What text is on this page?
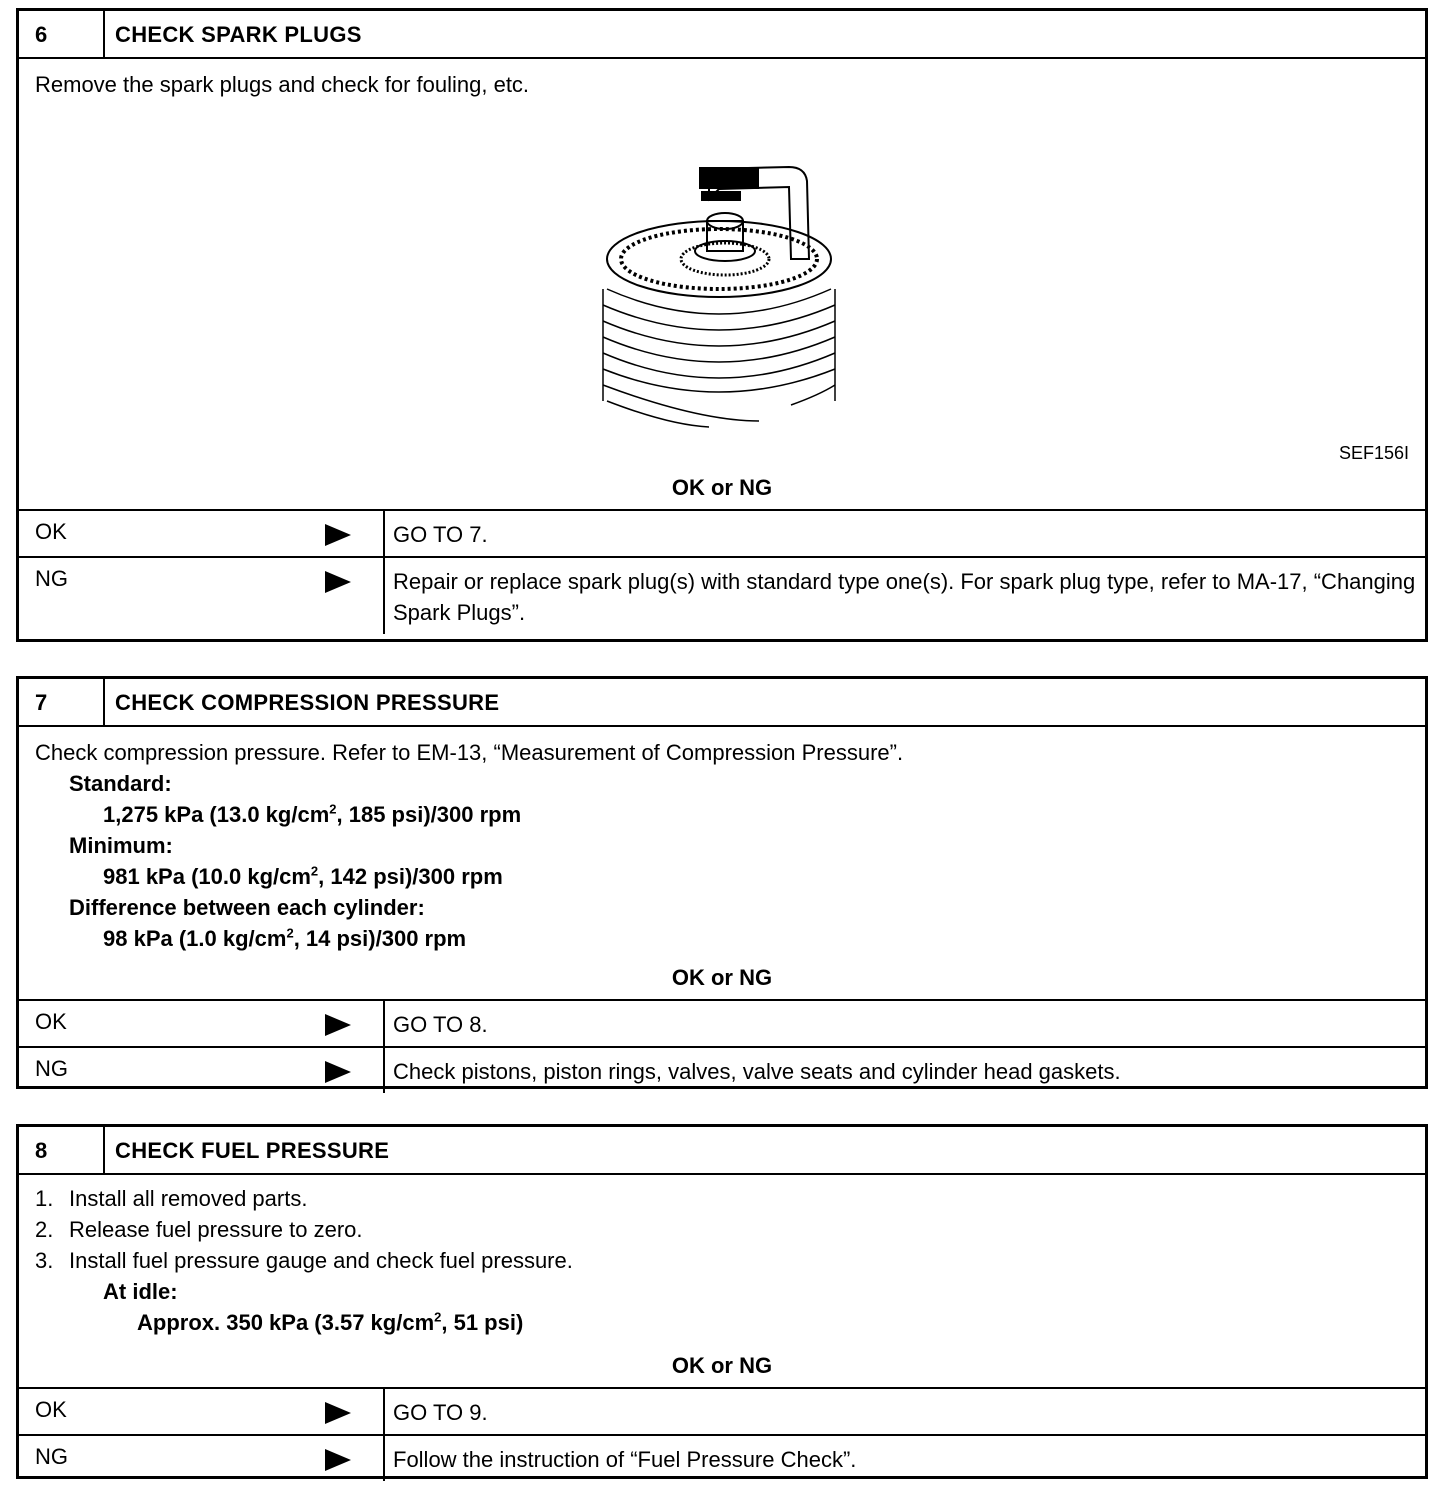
6	CHECK SPARK PLUGS
Remove the spark plugs and check for fouling, etc.
SEF156I
OK or NG
OK	GO TO 7.
NG	Repair or replace spark plug(s) with standard type one(s). For spark plug type, refer to MA-17, “Changing Spark Plugs”.
7	CHECK COMPRESSION PRESSURE
Check compression pressure. Refer to EM-13, “Measurement of Compression Pressure”.
Standard:
1,275 kPa (13.0 $kg/cm^2$, 185 psi)/300 rpm
Minimum:
981 kPa (10.0 $kg/cm^2$, 142 psi)/300 rpm
Difference between each cylinder:
98 kPa (1.0 $kg/cm^2$, 14 psi)/300 rpm
OK or NG
OK	GO TO 8.
NG	Check pistons, piston rings, valves, valve seats and cylinder head gaskets.
8	CHECK FUEL PRESSURE
1. Install all removed parts.
2. Release fuel pressure to zero.
3. Install fuel pressure gauge and check fuel pressure.
At idle:
Approx. 350 kPa (3.57 $kg/cm^2$, 51 psi)
OK or NG
OK	GO TO 9.
NG	Follow the instruction of “Fuel Pressure Check”.
